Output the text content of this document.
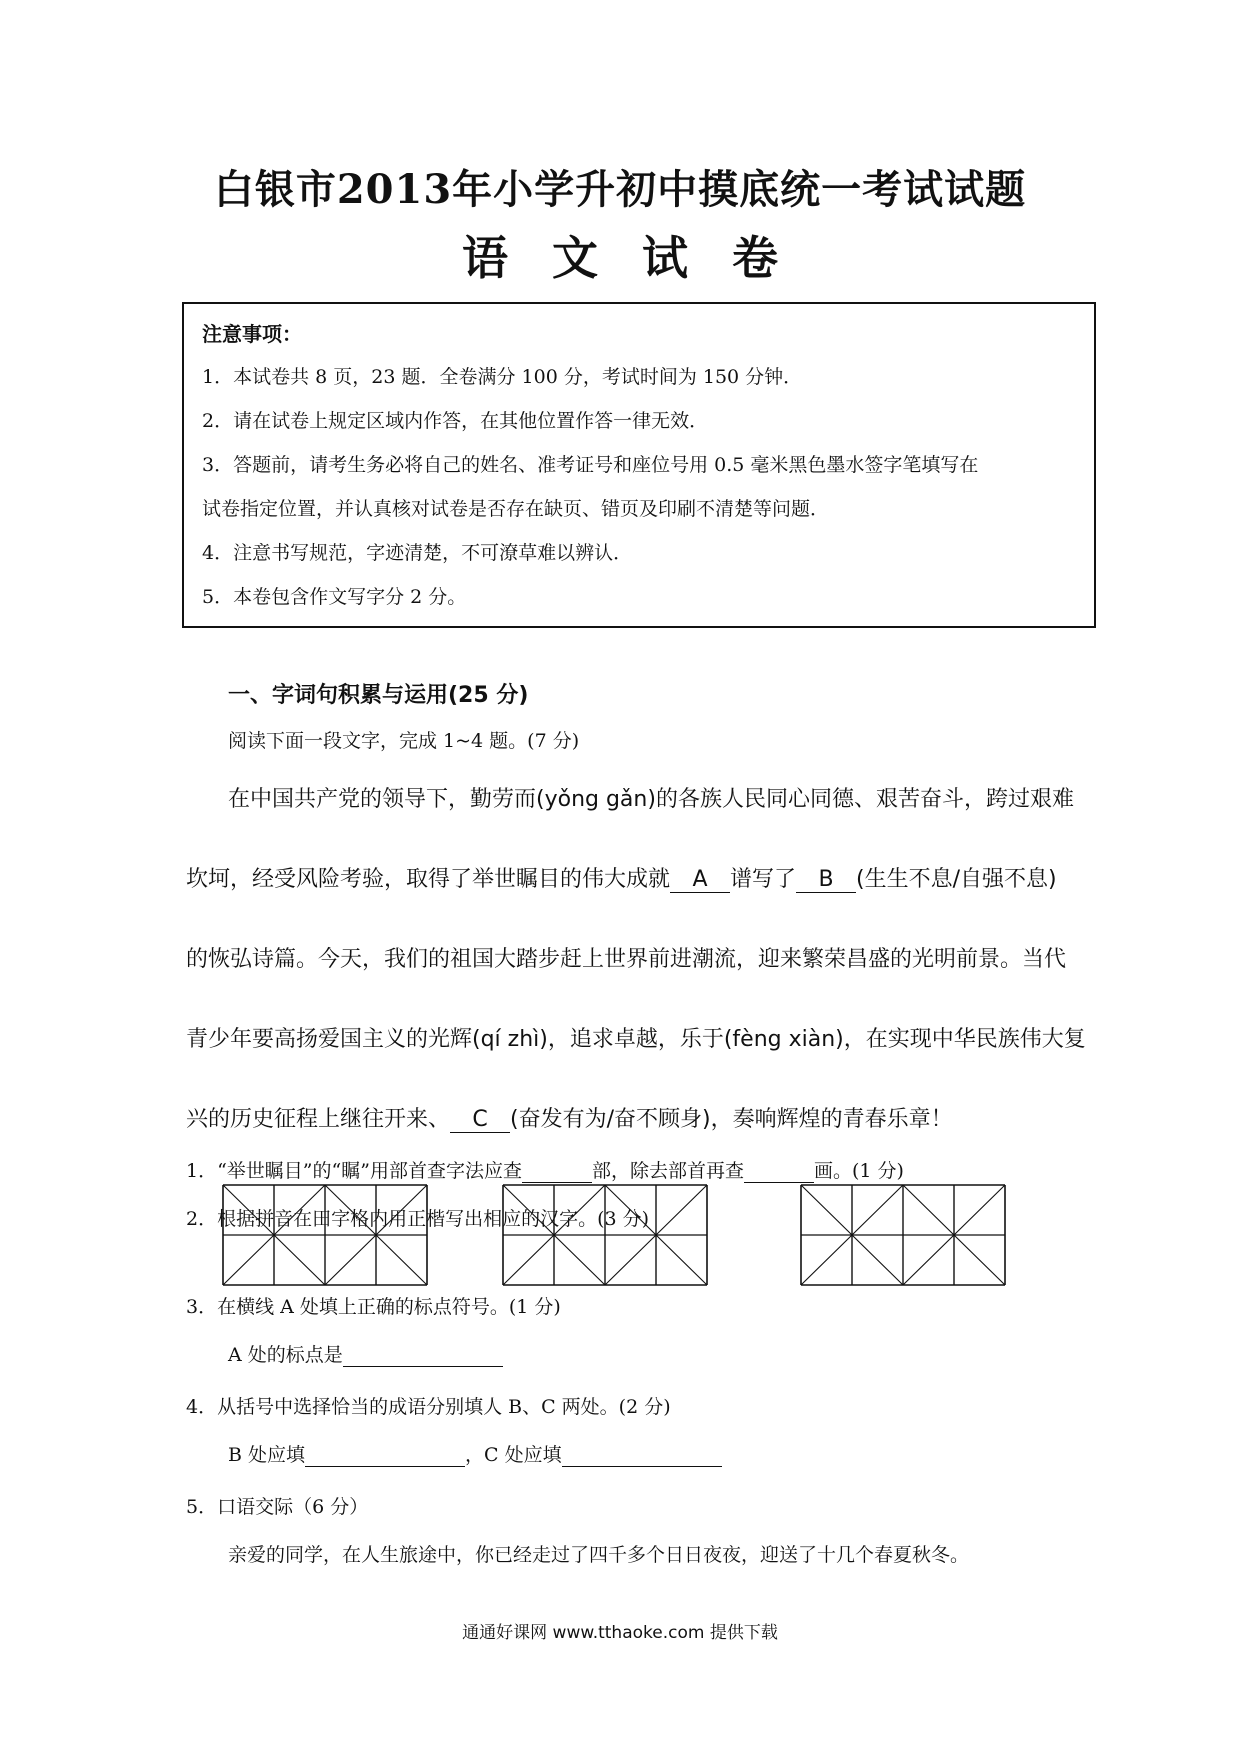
白银市2013年小学升初中摸底统一考试试题
语文试卷
注意事项：
1．本试卷共 8 页，23 题．全卷满分 100 分，考试时间为 150 分钟．
2．请在试卷上规定区域内作答，在其他位置作答一律无效．
3．答题前，请考生务必将自己的姓名、准考证号和座位号用 0.5 毫米黑色墨水签字笔填写在
试卷指定位置，并认真核对试卷是否存在缺页、错页及印刷不清楚等问题．
4．注意书写规范，字迹清楚，不可潦草难以辨认．
5．本卷包含作文写字分 2 分。
一、字词句积累与运用(25 分)
阅读下面一段文字，完成 1~4 题。(7 分)
在中国共产党的领导下，勤劳而(yǒng gǎn)的各族人民同心同德、艰苦奋斗，跨过艰难
坎坷，经受风险考验，取得了举世瞩目的伟大成就 A 谱写了 B (生生不息/自强不息)
的恢弘诗篇。今天，我们的祖国大踏步赶上世界前进潮流，迎来繁荣昌盛的光明前景。当代
青少年要高扬爱国主义的光辉(qí zhì)，追求卓越，乐于(fèng xiàn)，在实现中华民族伟大复
兴的历史征程上继往开来、 C (奋发有为/奋不顾身)，奏响辉煌的青春乐章！
1．“举世瞩目”的“瞩”用部首查字法应查	部，除去部首再查	画。(1 分)
2．根据拼音在田字格内用正楷写出相应的汉字。(3 分)
3．在横线 A 处填上正确的标点符号。(1 分)
A 处的标点是
4．从括号中选择恰当的成语分别填人 B、C 两处。(2 分)
B 处应填	，C 处应填
5．口语交际（6 分）
亲爱的同学，在人生旅途中，你已经走过了四千多个日日夜夜，迎送了十几个春夏秋冬。
通通好课网 www.tthaoke.com 提供下载
